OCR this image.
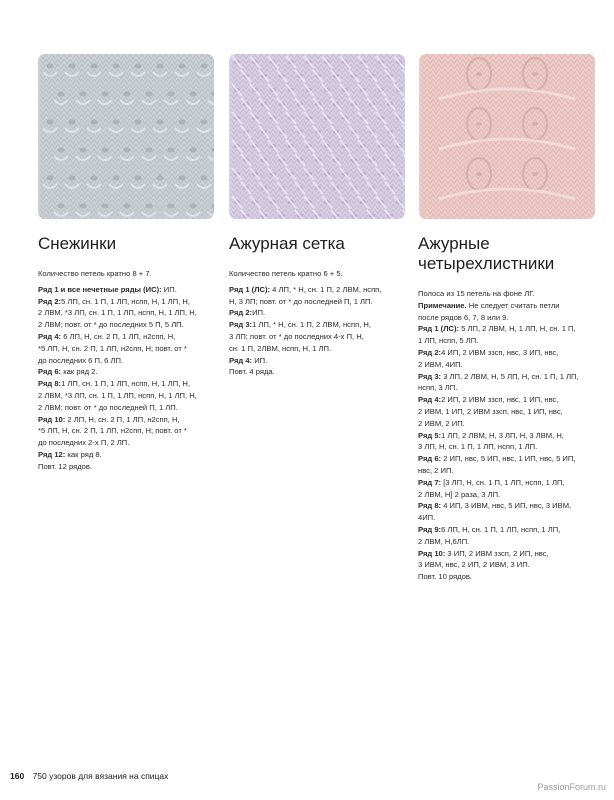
Снежинки

Количество петель кратно 8 + 7.

Ряд 1 и все нечетные ряды (ИС): ИП.

Ряд 2:5 ЛП, сн. 1 П, 1 ЛП, нспп, Н, 1 ЛП, Н,

2 ЛВМ, *3 ЛП, сн. 1 П, 1 ЛП, нспп, Н, 1 ЛП, Н,

2 ЛВМ; повт. от * до последних 5 П, 5 ЛП.

Ряд 4: 6 ЛП, Н, сн. 2 П, 1 ЛП, н2спп, Н,

*5 ЛП, Н, сн. 2 П, 1 ЛП, н2спп, Н; повт. от *

до последних 6 П, 6 ЛП.

Ряд 6: как ряд 2.

Ряд 8:1 ЛП, сн. 1 П, 1 ЛП, нспп, Н, 1 ЛП, Н,

2 ЛВМ, *3 ЛП, сн. 1 П, 1 ЛП, нспп, Н, 1 ЛП, Н,

2 ЛВМ; повт. от * до последней П, 1 ЛП.

Ряд 10: 2 ЛП, Н, сн. 2 П, 1 ЛП, н2спп, Н,

*5 ЛП, Н, сн. 2 П, 1 ЛП, н2спп, Н; повт. от *

до последних 2-х П, 2 ЛП.

Ряд 12: как ряд 8.

Повт. 12 рядов.

Ажурная сетка

Количество петель кратно 6 + 5.

Ряд 1 (ЛС): 4 ЛП, * Н, сн. 1 П, 2 ЛВМ, нспп,

Н, 3 ЛП; повт. от * до последней П, 1 ЛП.

Ряд 2:ИП.

Ряд 3:1 ЛП, * Н, сн. 1 П, 2 ЛВМ, нспп, Н,

3 ЛП; повт. от * до последних 4-х П, Н,

сн. 1 П, 2ЛВМ, нспп, Н, 1 ЛП.

Ряд 4: ИП.

Повт. 4 ряда.

Ажурные четырехлистники

Полоса из 15 петель на фоне ЛГ.

Примечание. Не следует считать петли

после рядов 6, 7, 8 или 9.

Ряд 1 (ЛС): 5 ЛП, 2 ЛВМ, Н, 1 ЛП, Н, сн. 1 П,

1 ЛП, нспп, 5 ЛП.

Ряд 2:4 ИП, 2 ИВМ ззсп, нвс, 3 ИП, нвс,

2 ИВМ, 4ИП.

Ряд 3: 3 ЛП, 2 ЛВМ, Н, 5 ЛП, Н, сн. 1 П, 1 ЛП,

нспп, 3 ЛП.

Ряд 4:2 ИП, 2 ИВМ ззсп, нвс, 1 ИП, нвс,

2 ИВМ, 1 ИП, 2 ИВМ ззсп, нвс, 1 ИП, нвс,

2 ИВМ, 2 ИП.

Ряд 5:1 ЛП, 2 ЛВМ, Н, 3 ЛП, Н, 3 ЛВМ, Н,

3 ЛП, Н, сн. 1 П, 1 ЛП, нспп, 1 ЛП.

Ряд 6: 2 ИП, нвс, 5 ИП, нвс, 1 ИП, нвс, 5 ИП,

нвс, 2 ИП.

Ряд 7: [3 ЛП, Н, сн. 1 П, 1 ЛП, нспп, 1 ЛП,

2 ЛВМ, Н] 2 раза, 3 ЛП.

Ряд 8: 4 ИП, 3 ИВМ, нвс, 5 ИП, нвс, 3 ИВМ,

4ИП.

Ряд 9:6 ЛП, Н, сн. 1 П, 1 ЛП, нспп, 1 ЛП,

2 ЛВМ, Н,6ЛП.

Ряд 10: 3 ИП, 2 ИВМ ззсп, 2 ИП, нвс,

3 ИВМ, нвс, 2 ИП, 2 ИВМ, 3 ИП.

Повт. 10 рядов.

160 750 узоров для вязания на спицах
PassionForum.ru
